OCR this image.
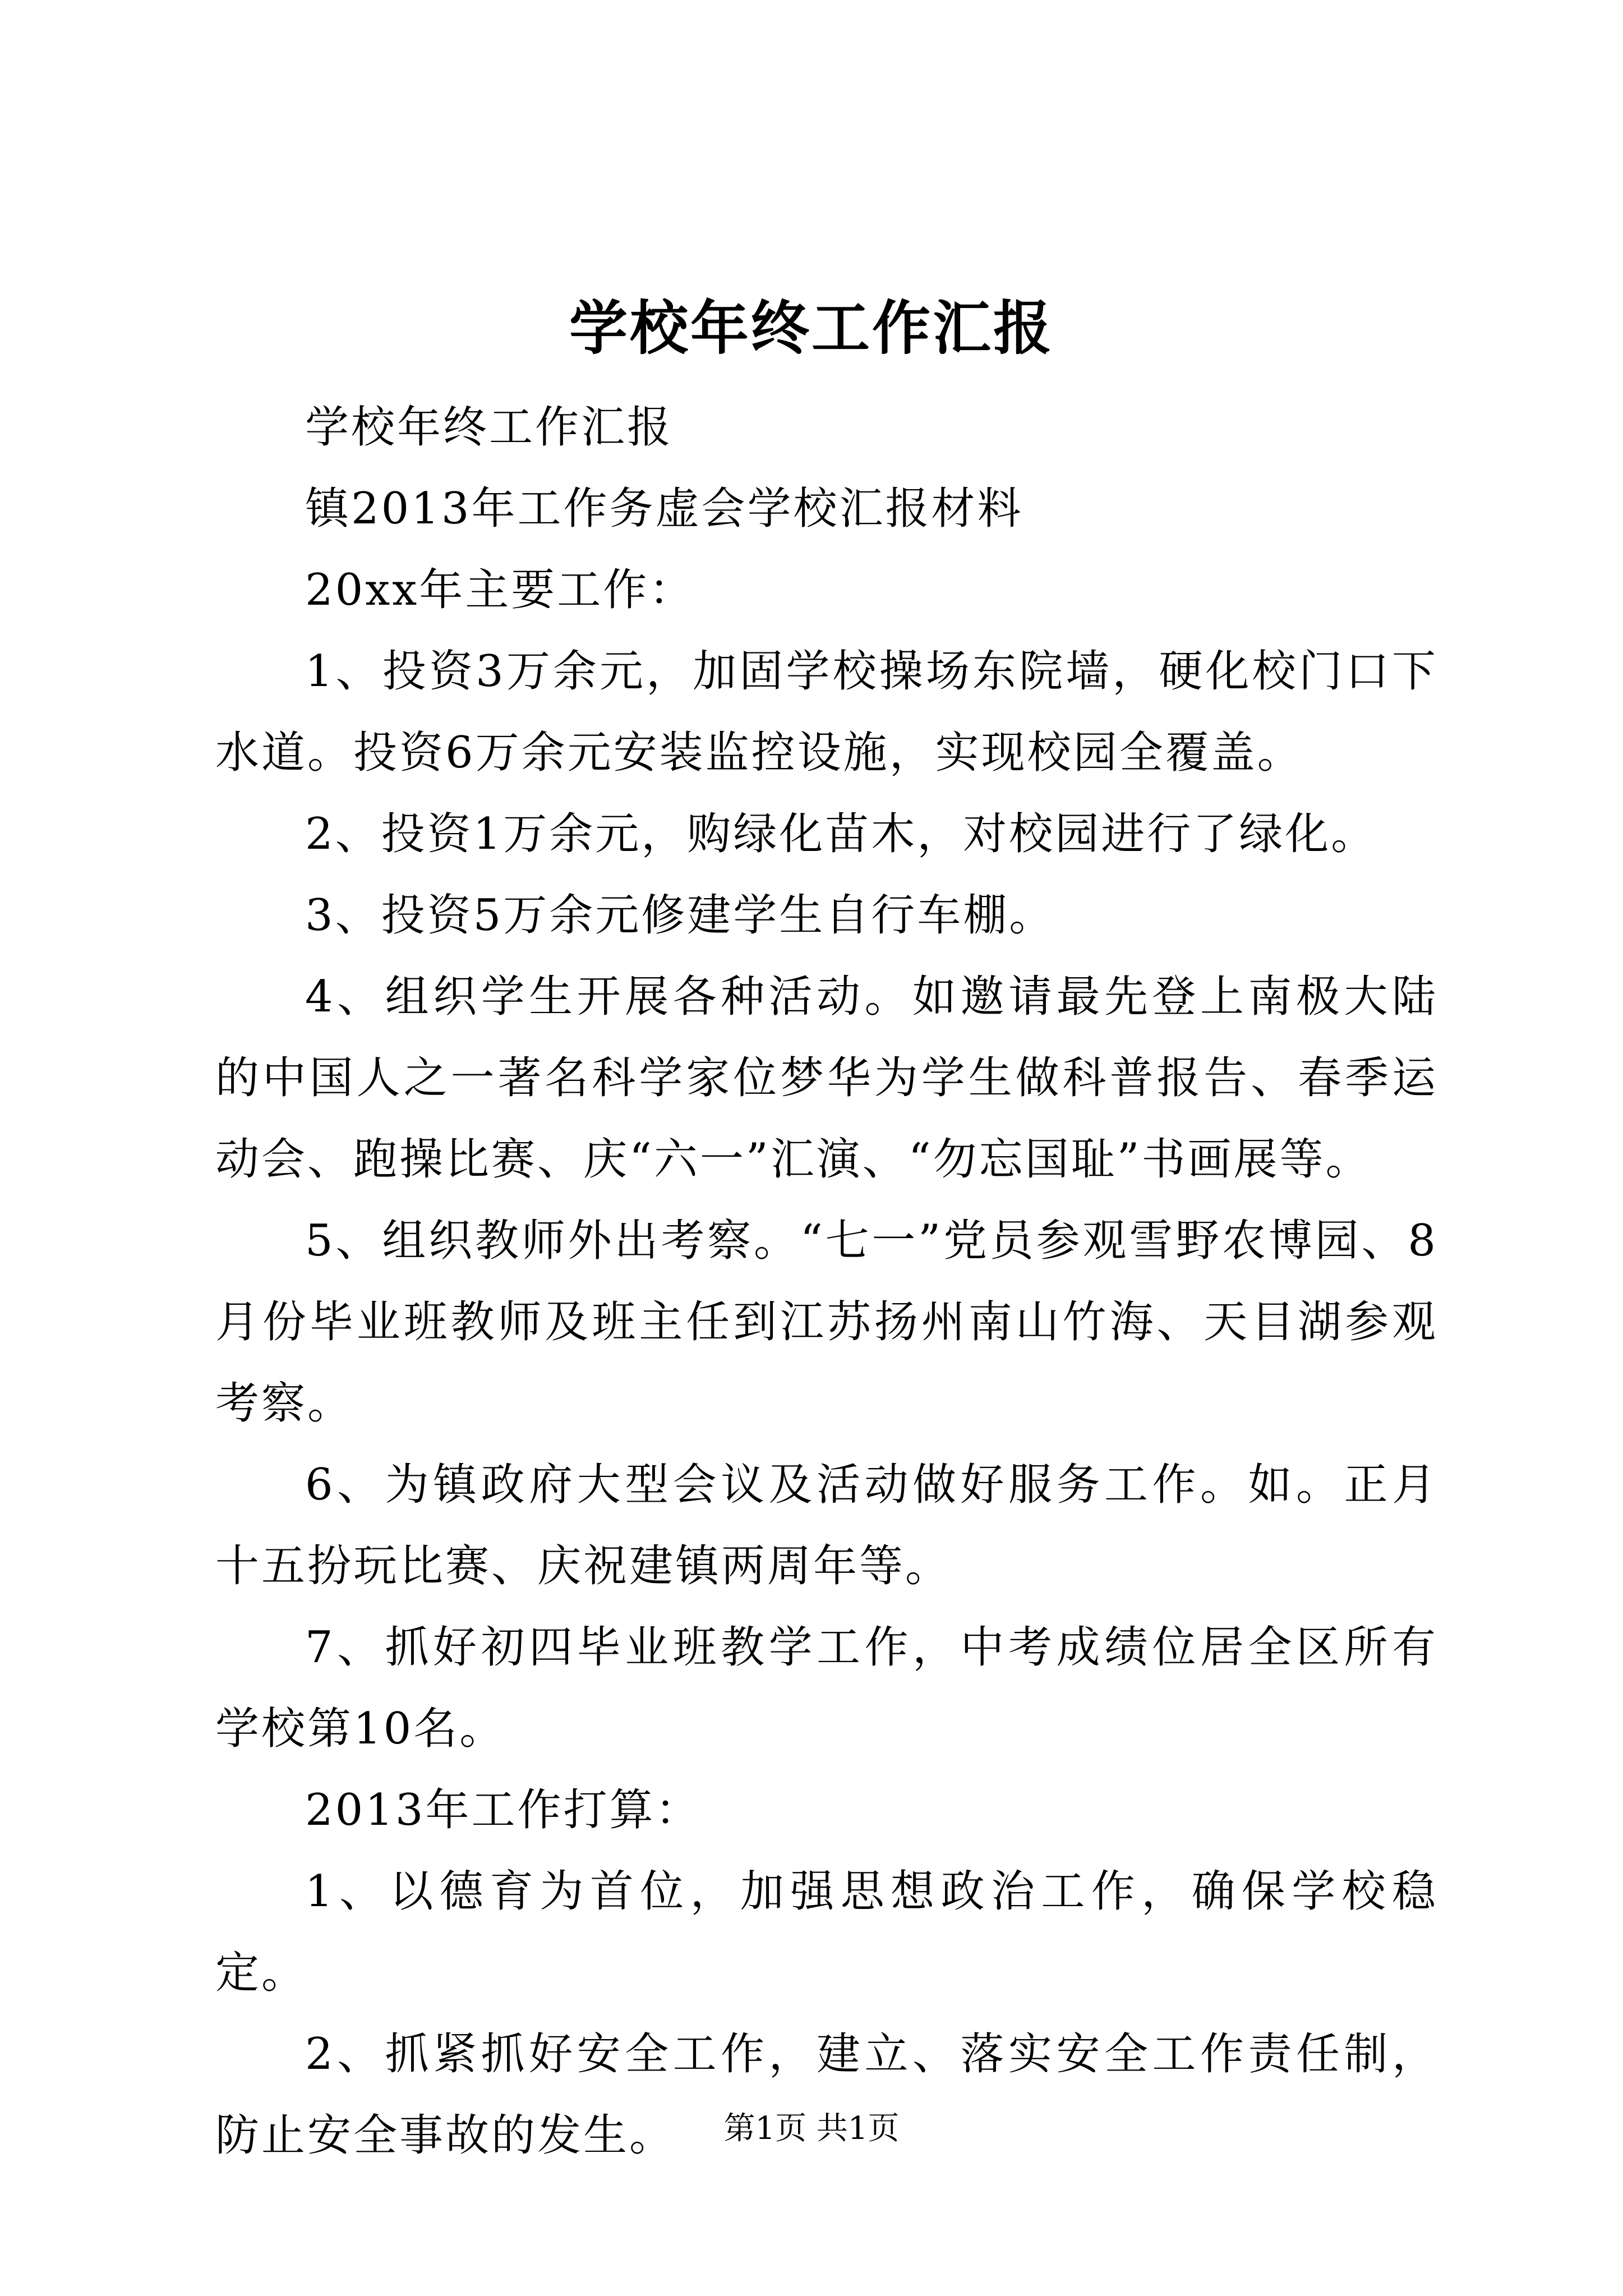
学校年终工作汇报

学校年终工作汇报

镇2013年工作务虚会学校汇报材料

20xx年主要工作：

1、投资3万余元，加固学校操场东院墙，硬化校门口下水道。投资6万余元安装监控设施，实现校园全覆盖。

2、投资1万余元，购绿化苗木，对校园进行了绿化。

3、投资5万余元修建学生自行车棚。

4、组织学生开展各种活动。如邀请最先登上南极大陆的中国人之一著名科学家位梦华为学生做科普报告、春季运动会、跑操比赛、庆“六一”汇演、“勿忘国耻”书画展等。

5、组织教师外出考察。“七一”党员参观雪野农博园、8月份毕业班教师及班主任到江苏扬州南山竹海、天目湖参观考察。

6、为镇政府大型会议及活动做好服务工作。如。正月十五扮玩比赛、庆祝建镇两周年等。

7、抓好初四毕业班教学工作，中考成绩位居全区所有学校第10名。

2013年工作打算：

1、以德育为首位，加强思想政治工作，确保学校稳定。

2、抓紧抓好安全工作，建立、落实安全工作责任制，防止安全事故的发生。	第1页 共1页
